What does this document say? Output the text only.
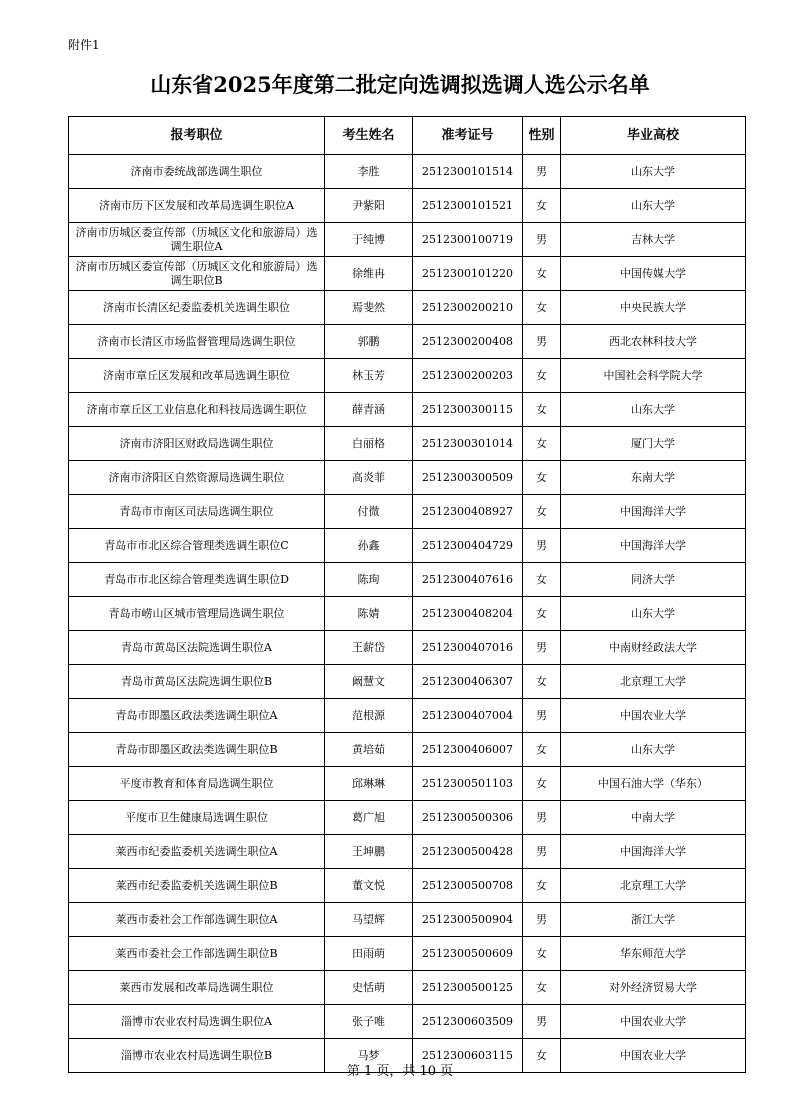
附件1
山东省2025年度第二批定向选调拟选调人选公示名单
报考职位	考生姓名	准考证号	性别	毕业高校
济南市委统战部选调生职位	李胜	2512300101514	男	山东大学
济南市历下区发展和改革局选调生职位A	尹紫阳	2512300101521	女	山东大学
济南市历城区委宣传部（历城区文化和旅游局）选调生职位A	于纯博	2512300100719	男	吉林大学
济南市历城区委宣传部（历城区文化和旅游局）选调生职位B	徐维冉	2512300101220	女	中国传媒大学
济南市长清区纪委监委机关选调生职位	焉斐然	2512300200210	女	中央民族大学
济南市长清区市场监督管理局选调生职位	郭鹏	2512300200408	男	西北农林科技大学
济南市章丘区发展和改革局选调生职位	林玉芳	2512300200203	女	中国社会科学院大学
济南市章丘区工业信息化和科技局选调生职位	薛青涵	2512300300115	女	山东大学
济南市济阳区财政局选调生职位	白丽格	2512300301014	女	厦门大学
济南市济阳区自然资源局选调生职位	高炎菲	2512300300509	女	东南大学
青岛市市南区司法局选调生职位	付微	2512300408927	女	中国海洋大学
青岛市市北区综合管理类选调生职位C	孙鑫	2512300404729	男	中国海洋大学
青岛市市北区综合管理类选调生职位D	陈珣	2512300407616	女	同济大学
青岛市崂山区城市管理局选调生职位	陈婧	2512300408204	女	山东大学
青岛市黄岛区法院选调生职位A	王薪岱	2512300407016	男	中南财经政法大学
青岛市黄岛区法院选调生职位B	阚慧文	2512300406307	女	北京理工大学
青岛市即墨区政法类选调生职位A	范根源	2512300407004	男	中国农业大学
青岛市即墨区政法类选调生职位B	黄培茹	2512300406007	女	山东大学
平度市教育和体育局选调生职位	邱琳琳	2512300501103	女	中国石油大学（华东）
平度市卫生健康局选调生职位	葛广旭	2512300500306	男	中南大学
莱西市纪委监委机关选调生职位A	王坤鹏	2512300500428	男	中国海洋大学
莱西市纪委监委机关选调生职位B	董文悦	2512300500708	女	北京理工大学
莱西市委社会工作部选调生职位A	马望辉	2512300500904	男	浙江大学
莱西市委社会工作部选调生职位B	田雨萌	2512300500609	女	华东师范大学
莱西市发展和改革局选调生职位	史恬萌	2512300500125	女	对外经济贸易大学
淄博市农业农村局选调生职位A	张子唯	2512300603509	男	中国农业大学
淄博市农业农村局选调生职位B	马梦	2512300603115	女	中国农业大学
第 1 页，共 10 页
